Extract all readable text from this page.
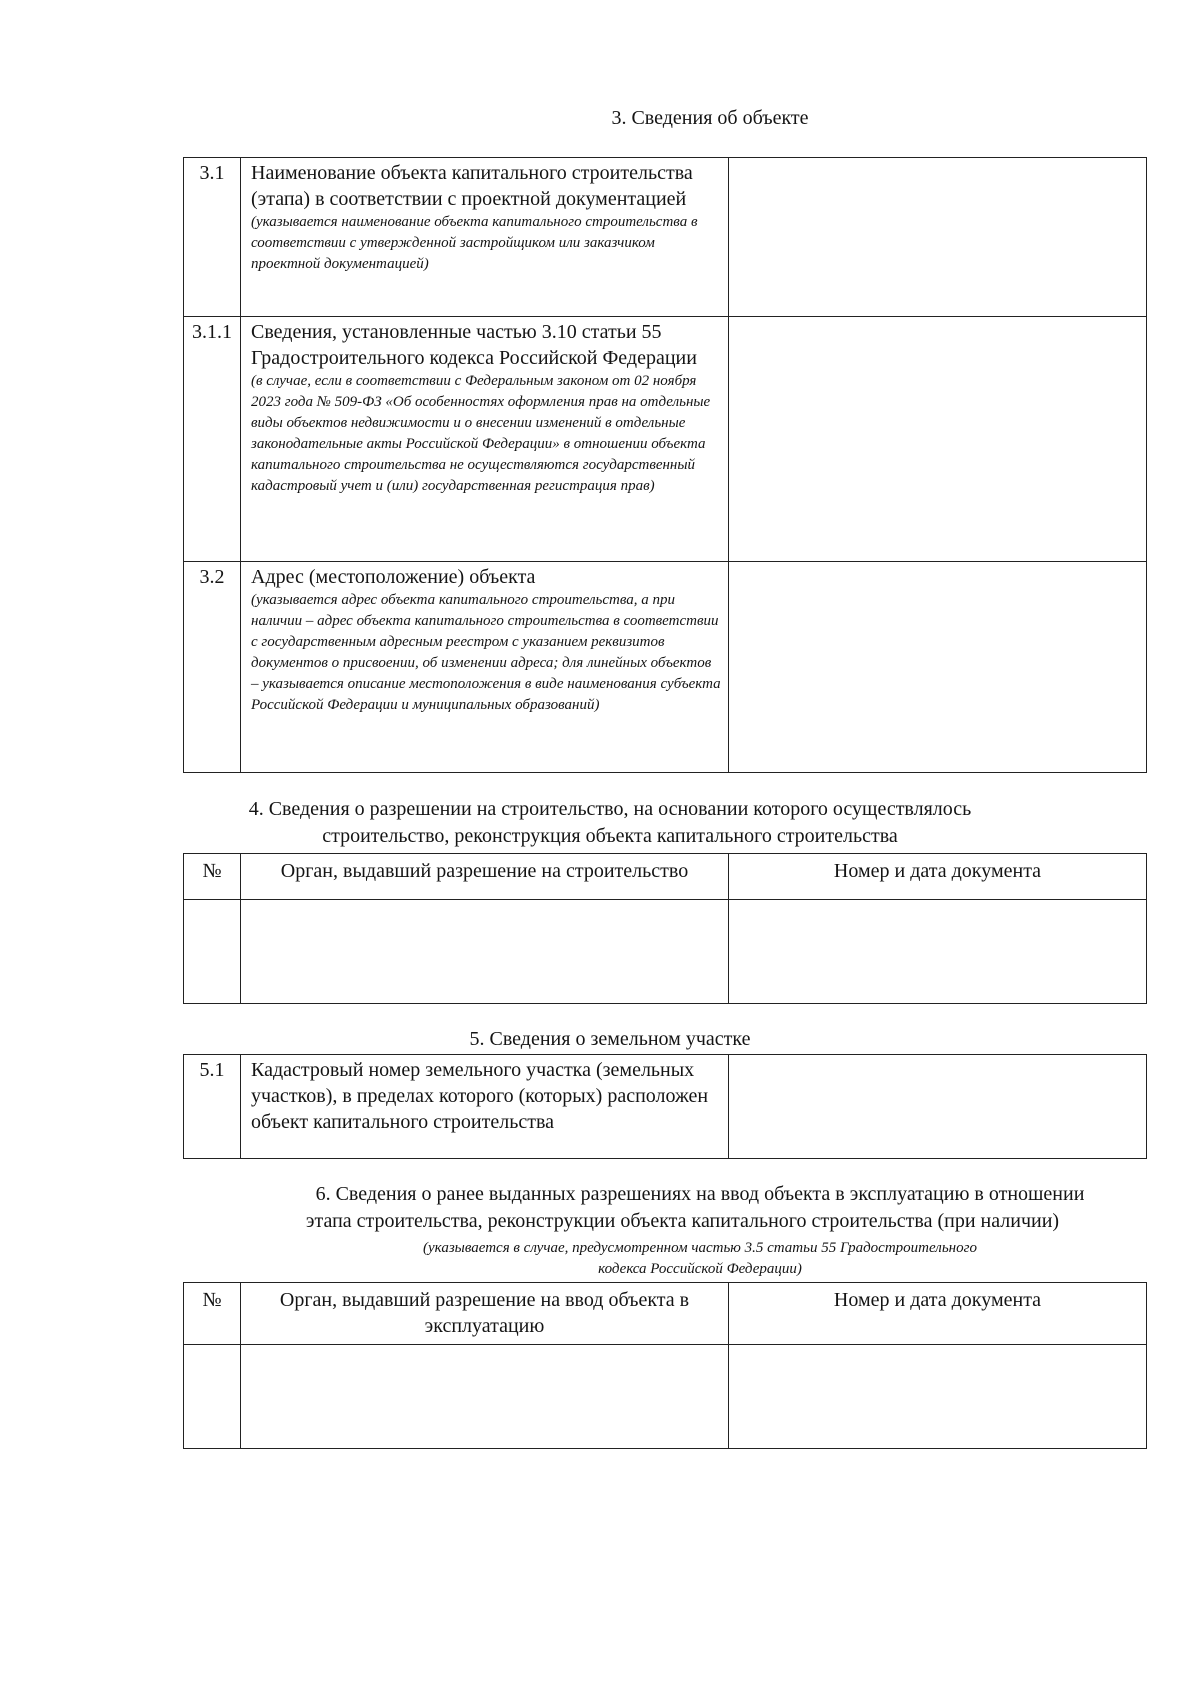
3. Сведения об объекте
3.1	Наименование объекта капитального строительства (этапа) в соответствии с проектной документацией
(указывается наименование объекта капитального строительства в соответствии с утвержденной застройщиком или заказчиком проектной документацией)	

3.1.1	Сведения, установленные частью 3.10 статьи 55 Градостроительного кодекса Российской Федерации
(в случае, если в соответствии с Федеральным законом от 02 ноября 2023 года № 509-ФЗ «Об особенностях оформления прав на отдельные виды объектов недвижимости и о внесении изменений в отдельные законодательные акты Российской Федерации» в отношении объекта капитального строительства не осуществляются государственный кадастровый учет и (или) государственная регистрация прав)	

3.2	Адрес (местоположение) объекта
(указывается адрес объекта капитального строительства, а при наличии – адрес объекта капитального строительства в соответствии с государственным адресным реестром с указанием реквизитов документов о присвоении, об изменении адреса; для линейных объектов – указывается описание местоположения в виде наименования субъекта Российской Федерации и муниципальных образований)	

4. Сведения о разрешении на строительство, на основании которого осуществлялось
строительство, реконструкция объекта капитального строительства
№	Орган, выдавший разрешение на строительство	Номер и дата документа

5. Сведения о земельном участке
5.1	Кадастровый номер земельного участка (земельных участков), в пределах которого (которых) расположен объект капитального строительства	
6. Сведения о ранее выданных разрешениях на ввод объекта в эксплуатацию в отношении
этапа строительства, реконструкции объекта капитального строительства (при наличии)
(указывается в случае, предусмотренном частью 3.5 статьи 55 Градостроительного
кодекса Российской Федерации)
№	Орган, выдавший разрешение на ввод объекта в эксплуатацию	Номер и дата документа
